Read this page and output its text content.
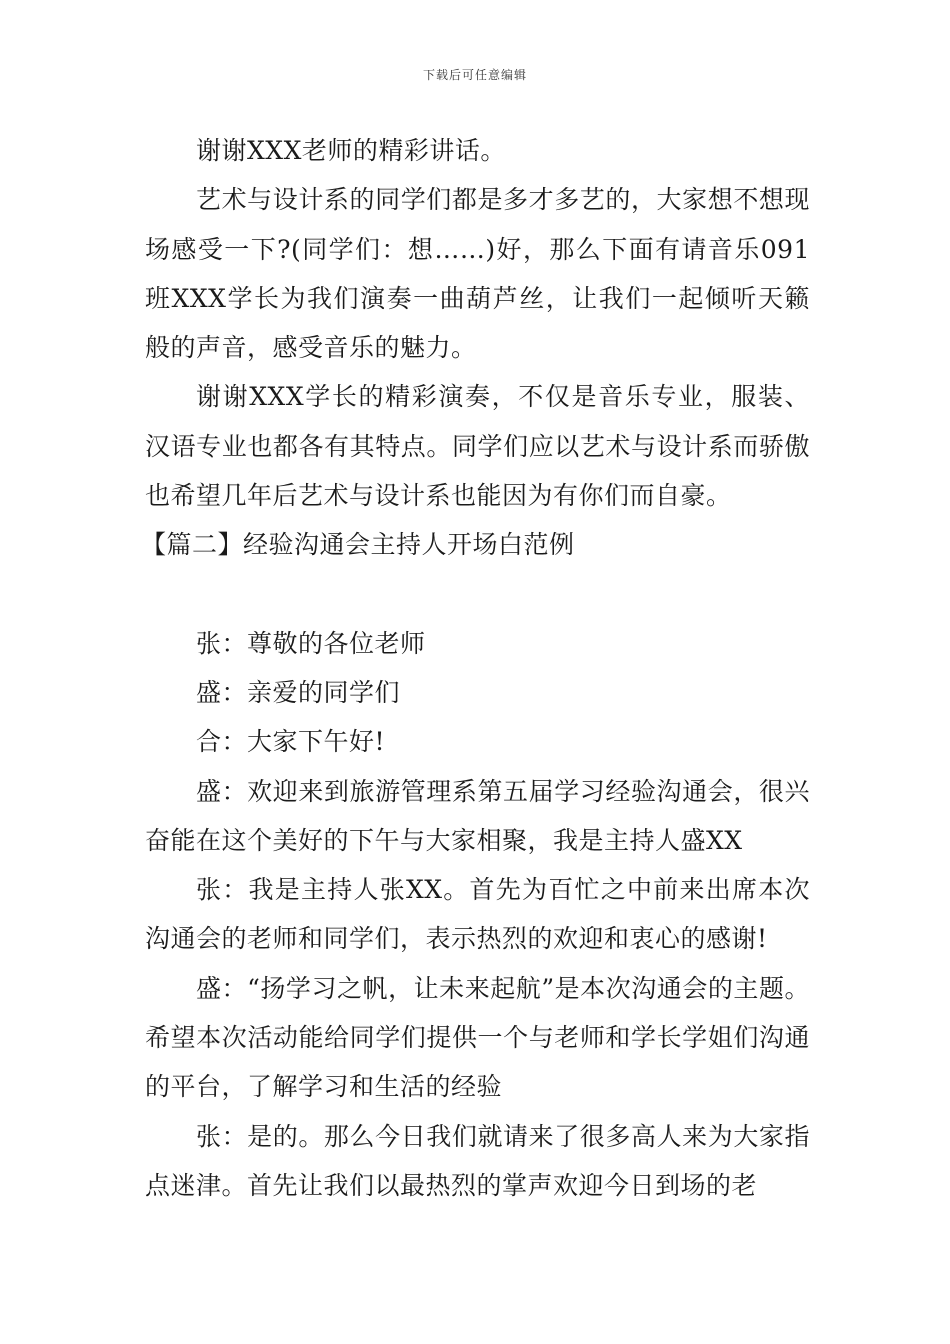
下载后可任意编辑

谢谢XXX老师的精彩讲话。

艺术与设计系的同学们都是多才多艺的，大家想不想现场感受一下?(同学们：想……)好，那么下面有请音乐091班XXX学长为我们演奏一曲葫芦丝，让我们一起倾听天籁般的声音，感受音乐的魅力。

谢谢XXX学长的精彩演奏，不仅是音乐专业，服装、汉语专业也都各有其特点。同学们应以艺术与设计系而骄傲也希望几年后艺术与设计系也能因为有你们而自豪。

【篇二】经验沟通会主持人开场白范例

张：尊敬的各位老师

盛：亲爱的同学们

合：大家下午好!

盛：欢迎来到旅游管理系第五届学习经验沟通会，很兴奋能在这个美好的下午与大家相聚，我是主持人盛XX

张：我是主持人张XX。首先为百忙之中前来出席本次沟通会的老师和同学们，表示热烈的欢迎和衷心的感谢!

盛：“扬学习之帆，让未来起航”是本次沟通会的主题。希望本次活动能给同学们提供一个与老师和学长学姐们沟通的平台，了解学习和生活的经验

张：是的。那么今日我们就请来了很多高人来为大家指点迷津。首先让我们以最热烈的掌声欢迎今日到场的老
